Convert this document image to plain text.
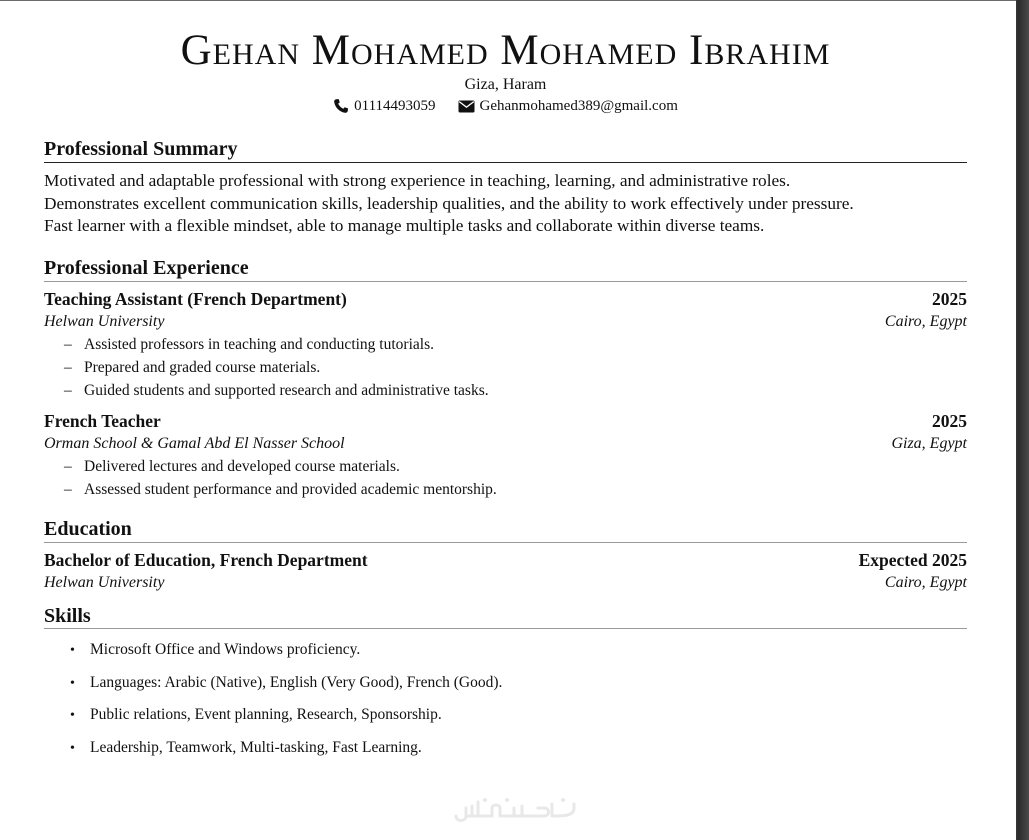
Gehan Mohamed Mohamed Ibrahim
Giza, Haram
01114493059	Gehanmohamed389@gmail.com
Professional Summary
Motivated and adaptable professional with strong experience in teaching, learning, and administrative roles.
Demonstrates excellent communication skills, leadership qualities, and the ability to work effectively under pressure.
Fast learner with a flexible mindset, able to manage multiple tasks and collaborate within diverse teams.
Professional Experience
Teaching Assistant (French Department)	2025
Helwan University	Cairo, Egypt
– Assisted professors in teaching and conducting tutorials.
– Prepared and graded course materials.
– Guided students and supported research and administrative tasks.
French Teacher	2025
Orman School & Gamal Abd El Nasser School	Giza, Egypt
– Delivered lectures and developed course materials.
– Assessed student performance and provided academic mentorship.
Education
Bachelor of Education, French Department	Expected 2025
Helwan University	Cairo, Egypt
Skills
• Microsoft Office and Windows proficiency.
• Languages: Arabic (Native), English (Very Good), French (Good).
• Public relations, Event planning, Research, Sponsorship.
• Leadership, Teamwork, Multi-tasking, Fast Learning.
